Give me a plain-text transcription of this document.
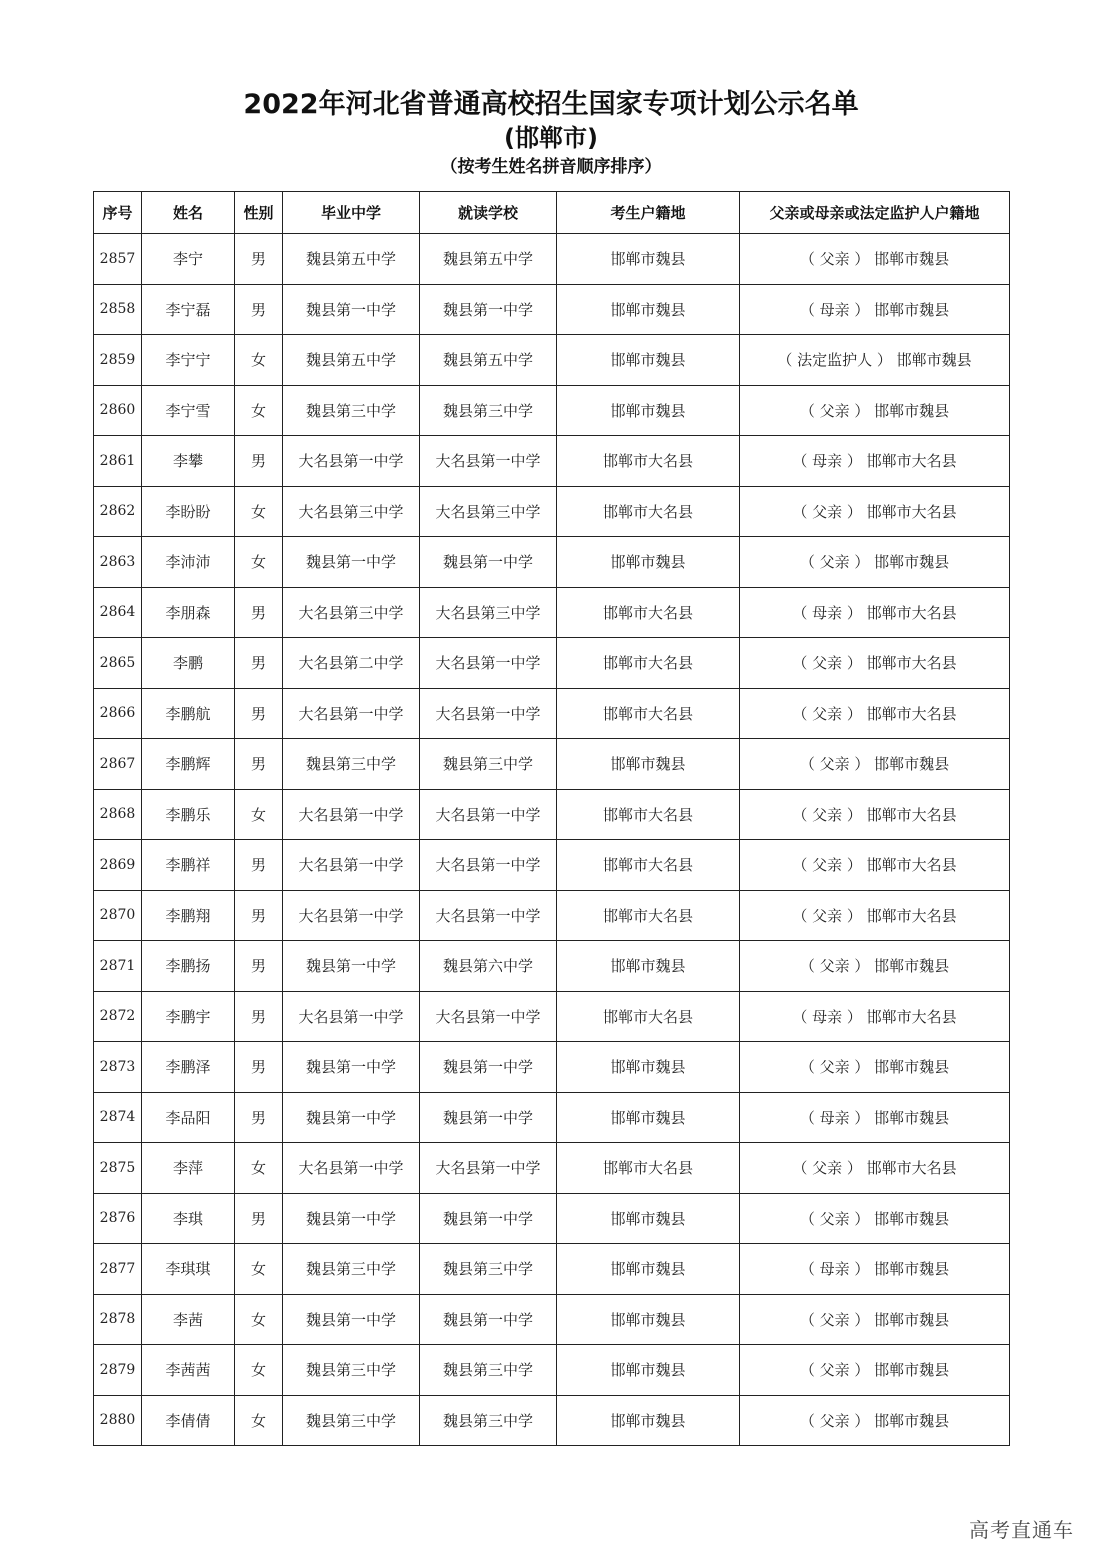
2022年河北省普通高校招生国家专项计划公示名单
(邯郸市)
（按考生姓名拼音顺序排序）
序号	姓名	性别	毕业中学	就读学校	考生户籍地	父亲或母亲或法定监护人户籍地
2857	李宁	男	魏县第五中学	魏县第五中学	邯郸市魏县	（ 父亲 ） 邯郸市魏县
2858	李宁磊	男	魏县第一中学	魏县第一中学	邯郸市魏县	（ 母亲 ） 邯郸市魏县
2859	李宁宁	女	魏县第五中学	魏县第五中学	邯郸市魏县	（ 法定监护人 ） 邯郸市魏县
2860	李宁雪	女	魏县第三中学	魏县第三中学	邯郸市魏县	（ 父亲 ） 邯郸市魏县
2861	李攀	男	大名县第一中学	大名县第一中学	邯郸市大名县	（ 母亲 ） 邯郸市大名县
2862	李盼盼	女	大名县第三中学	大名县第三中学	邯郸市大名县	（ 父亲 ） 邯郸市大名县
2863	李沛沛	女	魏县第一中学	魏县第一中学	邯郸市魏县	（ 父亲 ） 邯郸市魏县
2864	李朋森	男	大名县第三中学	大名县第三中学	邯郸市大名县	（ 母亲 ） 邯郸市大名县
2865	李鹏	男	大名县第二中学	大名县第一中学	邯郸市大名县	（ 父亲 ） 邯郸市大名县
2866	李鹏航	男	大名县第一中学	大名县第一中学	邯郸市大名县	（ 父亲 ） 邯郸市大名县
2867	李鹏辉	男	魏县第三中学	魏县第三中学	邯郸市魏县	（ 父亲 ） 邯郸市魏县
2868	李鹏乐	女	大名县第一中学	大名县第一中学	邯郸市大名县	（ 父亲 ） 邯郸市大名县
2869	李鹏祥	男	大名县第一中学	大名县第一中学	邯郸市大名县	（ 父亲 ） 邯郸市大名县
2870	李鹏翔	男	大名县第一中学	大名县第一中学	邯郸市大名县	（ 父亲 ） 邯郸市大名县
2871	李鹏扬	男	魏县第一中学	魏县第六中学	邯郸市魏县	（ 父亲 ） 邯郸市魏县
2872	李鹏宇	男	大名县第一中学	大名县第一中学	邯郸市大名县	（ 母亲 ） 邯郸市大名县
2873	李鹏泽	男	魏县第一中学	魏县第一中学	邯郸市魏县	（ 父亲 ） 邯郸市魏县
2874	李品阳	男	魏县第一中学	魏县第一中学	邯郸市魏县	（ 母亲 ） 邯郸市魏县
2875	李萍	女	大名县第一中学	大名县第一中学	邯郸市大名县	（ 父亲 ） 邯郸市大名县
2876	李琪	男	魏县第一中学	魏县第一中学	邯郸市魏县	（ 父亲 ） 邯郸市魏县
2877	李琪琪	女	魏县第三中学	魏县第三中学	邯郸市魏县	（ 母亲 ） 邯郸市魏县
2878	李茜	女	魏县第一中学	魏县第一中学	邯郸市魏县	（ 父亲 ） 邯郸市魏县
2879	李茜茜	女	魏县第三中学	魏县第三中学	邯郸市魏县	（ 父亲 ） 邯郸市魏县
2880	李倩倩	女	魏县第三中学	魏县第三中学	邯郸市魏县	（ 父亲 ） 邯郸市魏县
高考直通车
